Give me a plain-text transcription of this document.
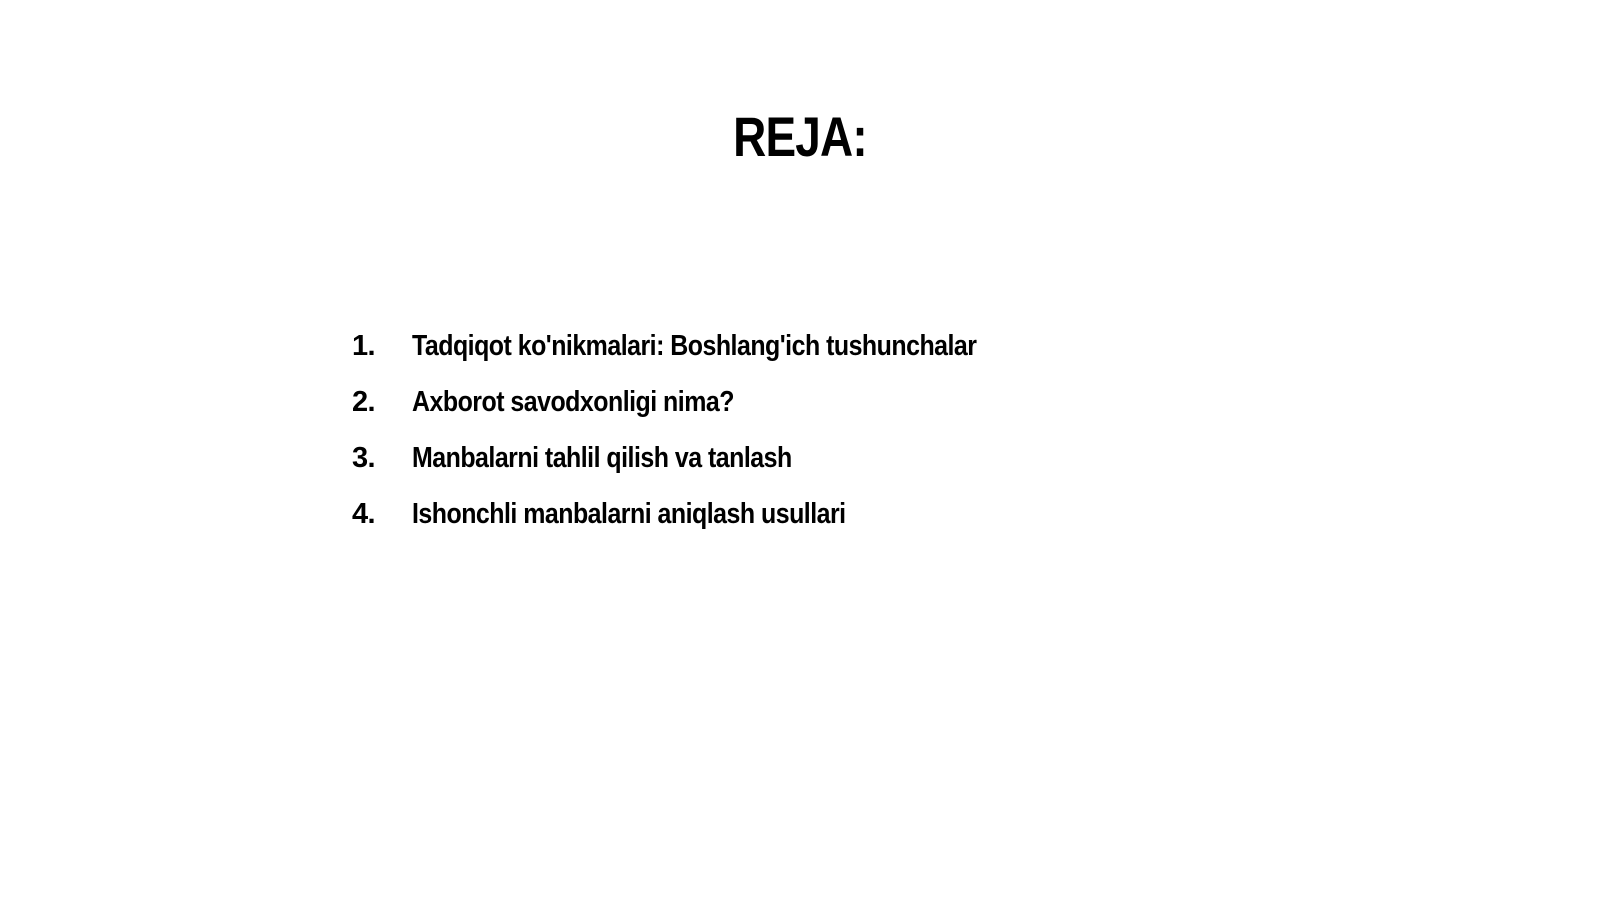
REJA:
1.	Tadqiqot ko'nikmalari: Boshlang'ich tushunchalar
2.	Axborot savodxonligi nima?
3.	Manbalarni tahlil qilish va tanlash
4.	Ishonchli manbalarni aniqlash usullari
